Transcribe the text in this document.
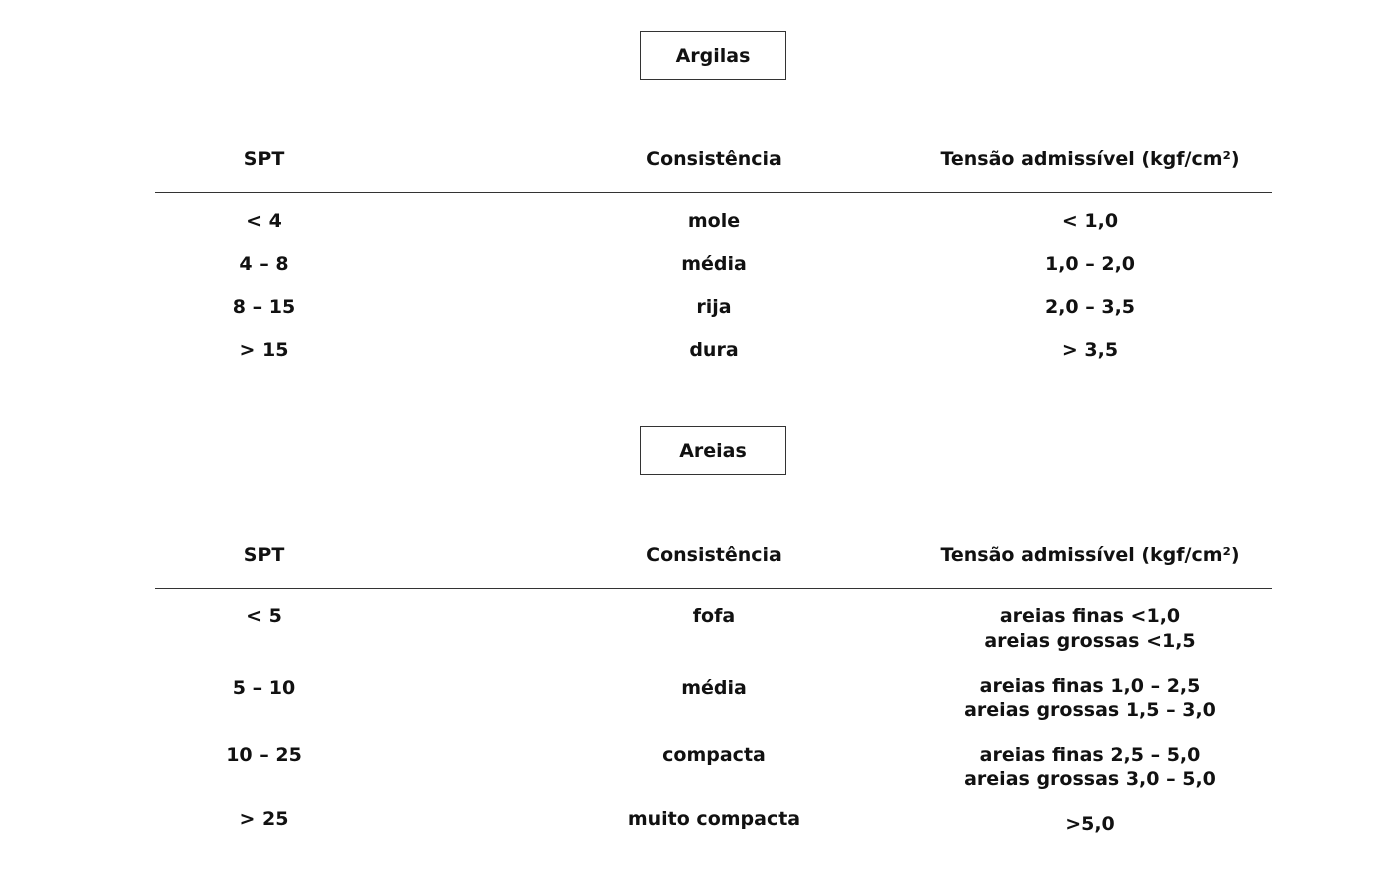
Argilas
SPT	Consistência	Tensão admissível (kgf/cm²)
< 4	mole	< 1,0
4 – 8	média	1,0 – 2,0
8 – 15	rija	2,0 – 3,5
> 15	dura	> 3,5
Areias
SPT	Consistência	Tensão admissível (kgf/cm²)
< 5	fofa	areias finas <1,0
areias grossas <1,5
5 – 10	média	areias finas 1,0 – 2,5
areias grossas 1,5 – 3,0
10 – 25	compacta	areias finas 2,5 – 5,0
areias grossas 3,0 – 5,0
> 25	muito compacta	>5,0
